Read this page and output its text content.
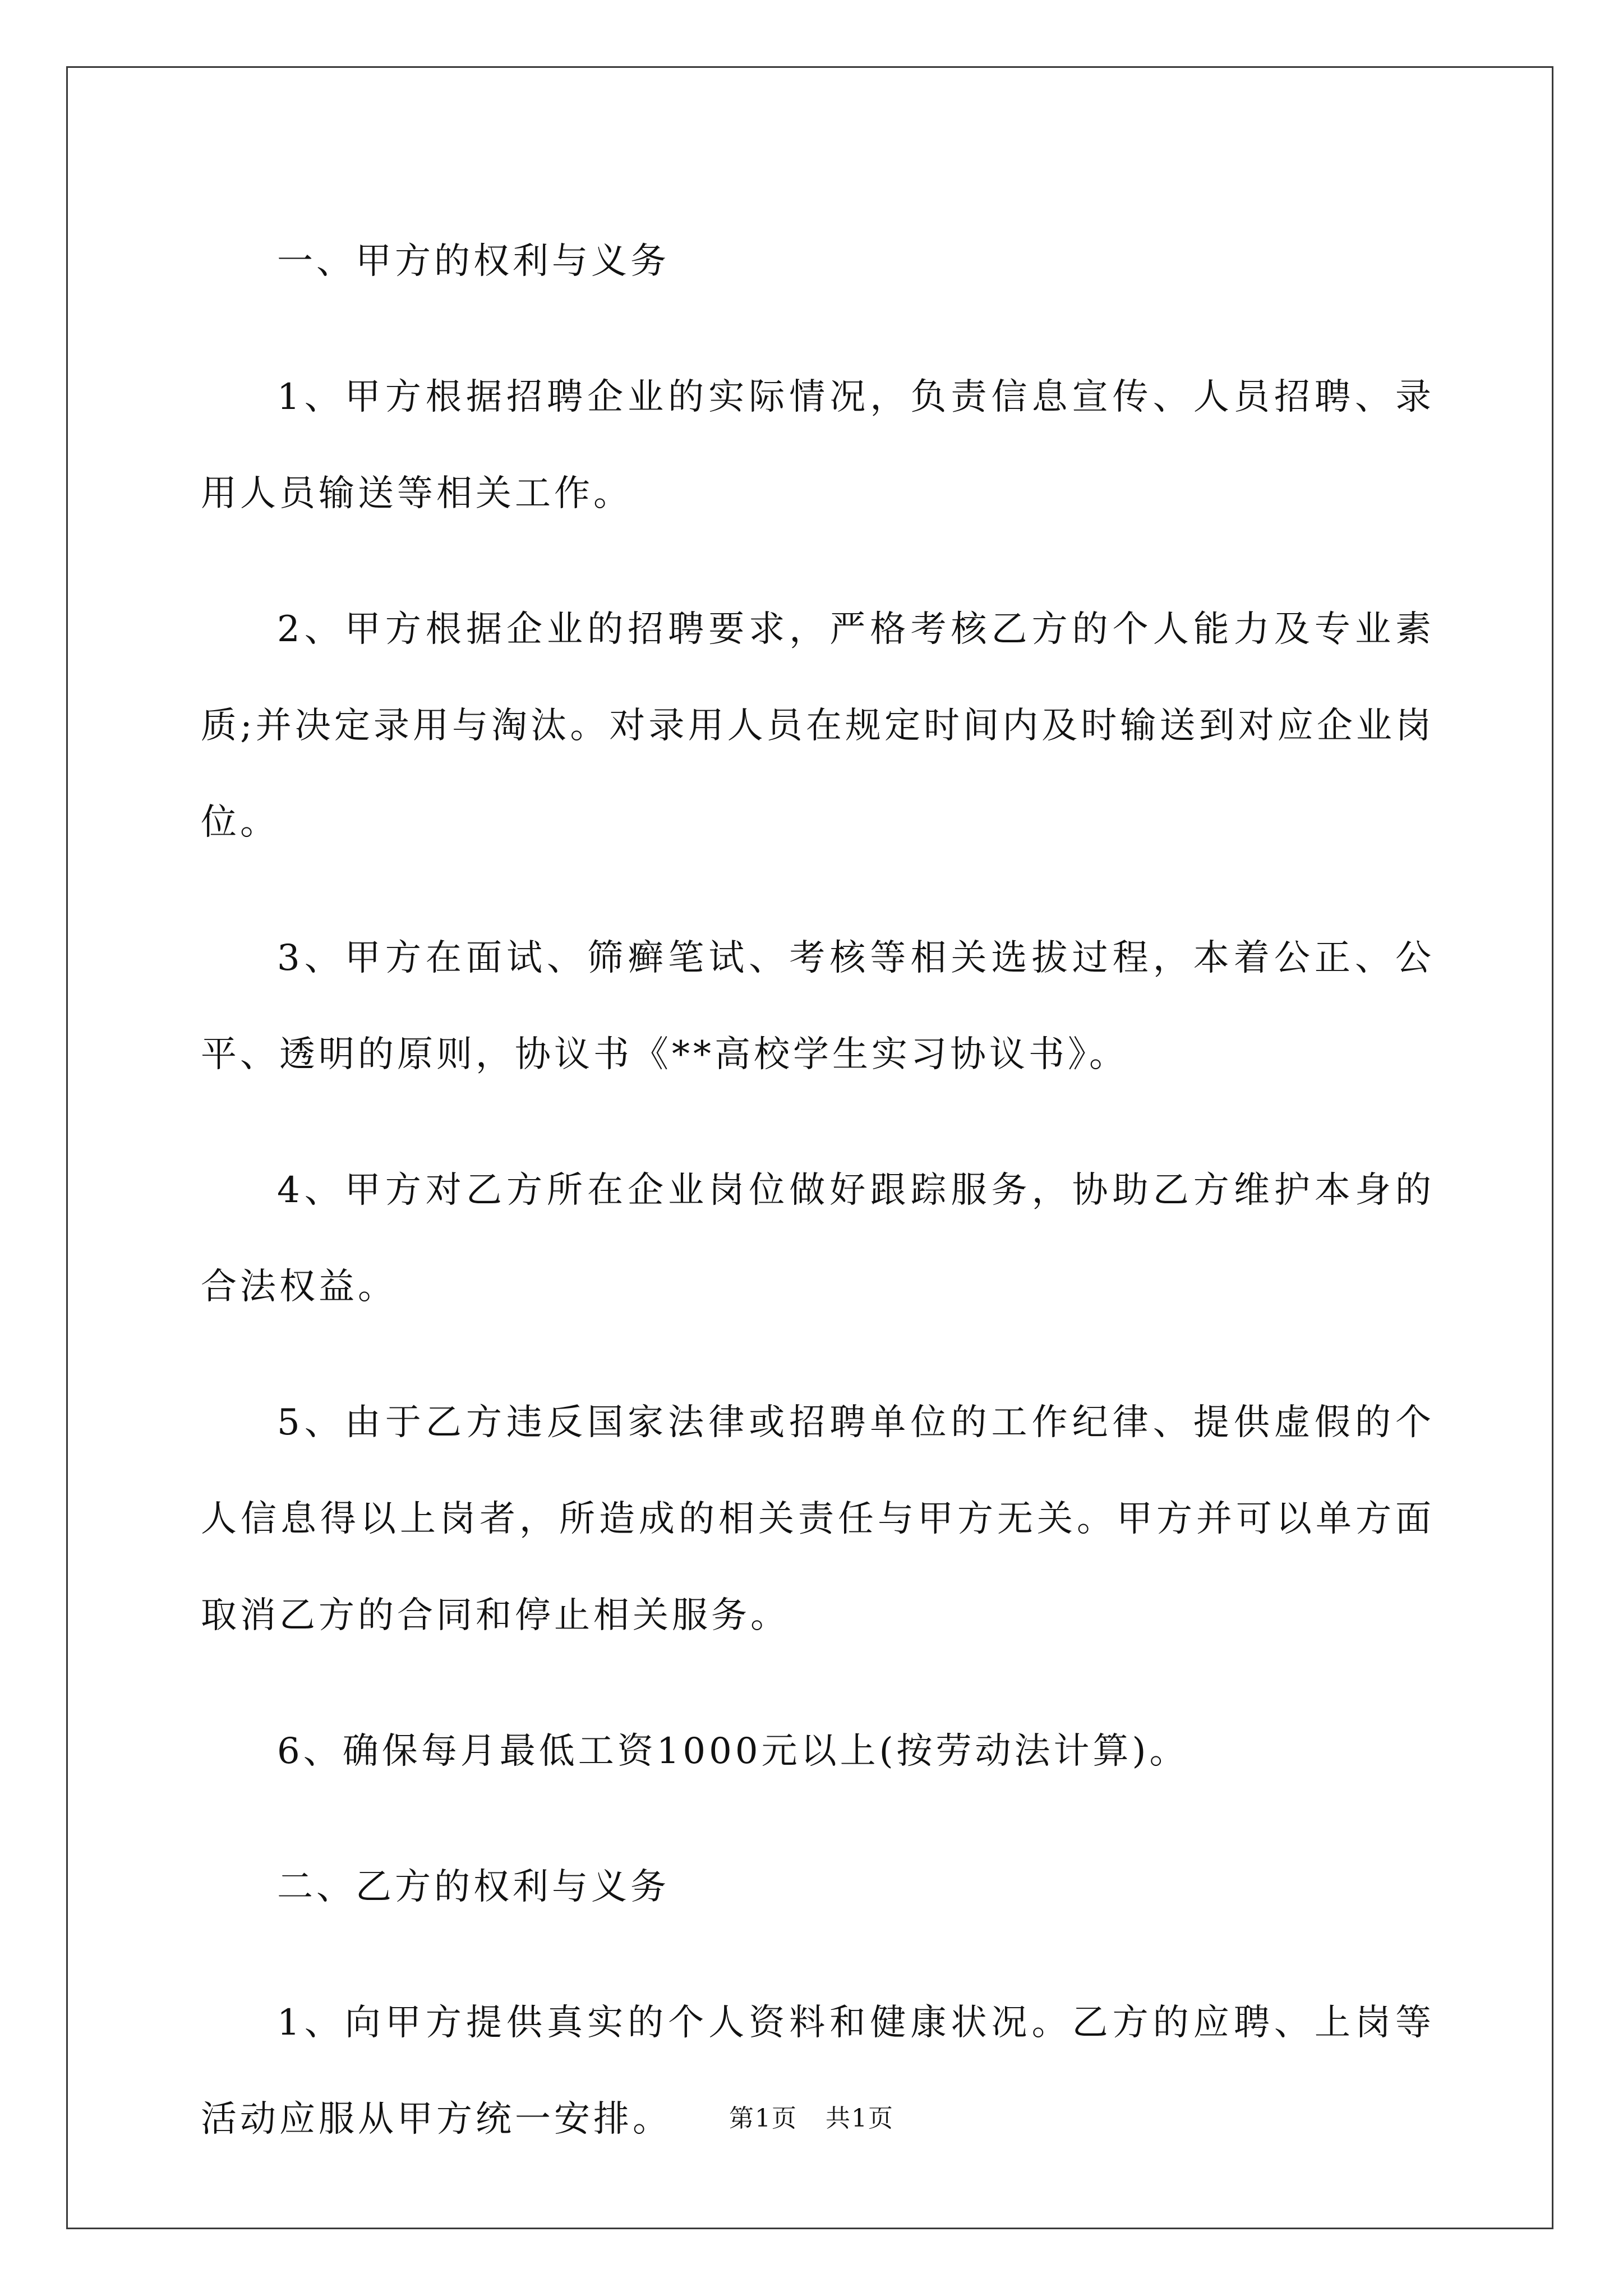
一、甲方的权利与义务

1、甲方根据招聘企业的实际情况，负责信息宣传、人员招聘、录用人员输送等相关工作。

2、甲方根据企业的招聘要求，严格考核乙方的个人能力及专业素质;并决定录用与淘汰。对录用人员在规定时间内及时输送到对应企业岗位。

3、甲方在面试、筛癣笔试、考核等相关选拔过程，本着公正、公平、透明的原则，协议书《**高校学生实习协议书》。

4、甲方对乙方所在企业岗位做好跟踪服务，协助乙方维护本身的合法权益。

5、由于乙方违反国家法律或招聘单位的工作纪律、提供虚假的个人信息得以上岗者，所造成的相关责任与甲方无关。甲方并可以单方面取消乙方的合同和停止相关服务。

6、确保每月最低工资1000元以上(按劳动法计算)。

二、乙方的权利与义务

1、向甲方提供真实的个人资料和健康状况。乙方的应聘、上岗等活动应服从甲方统一安排。	第1页 共1页
